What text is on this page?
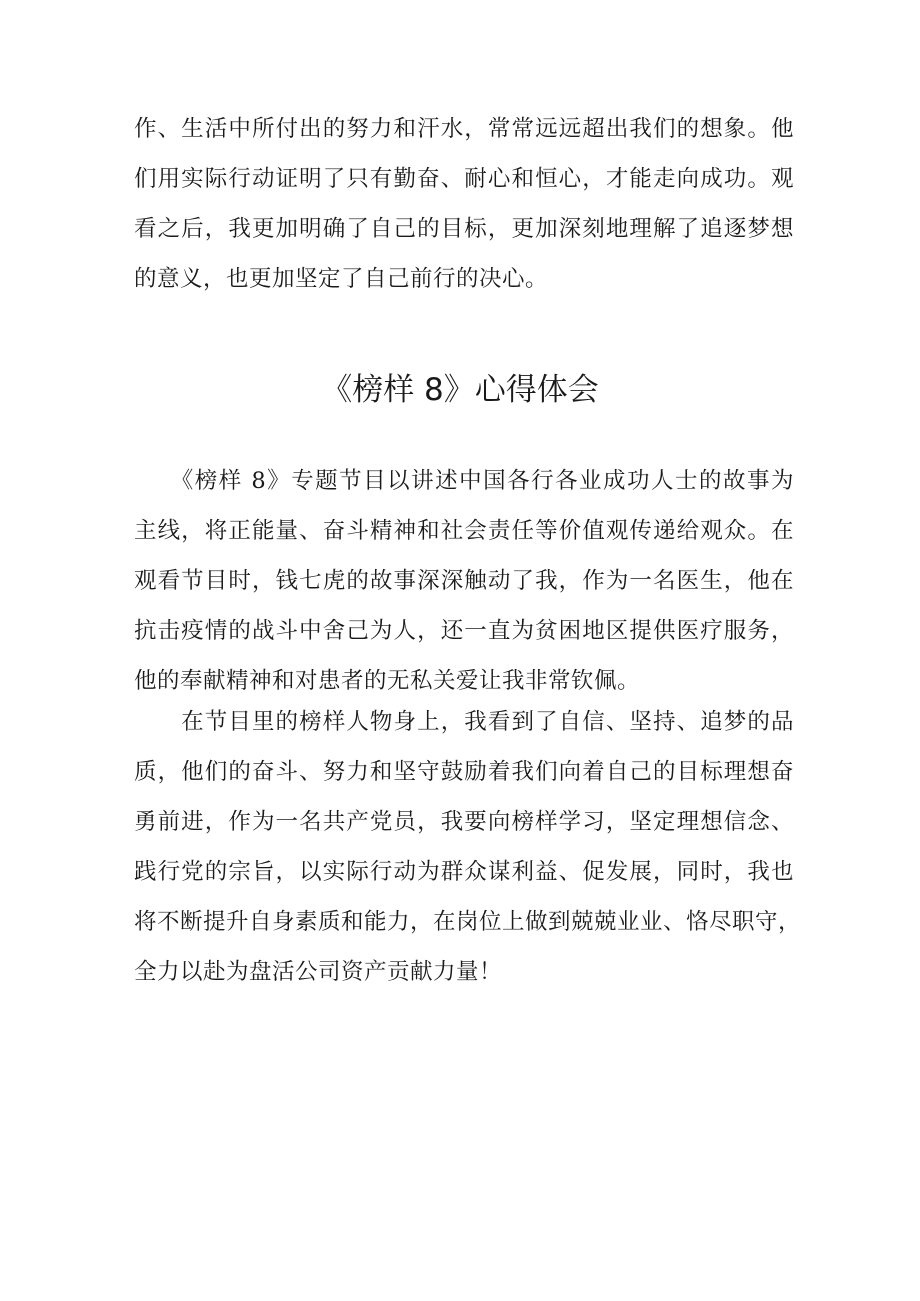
作、生活中所付出的努力和汗水，常常远远超出我们的想象。他
们用实际行动证明了只有勤奋、耐心和恒心，才能走向成功。观
看之后，我更加明确了自己的目标，更加深刻地理解了追逐梦想
的意义，也更加坚定了自己前行的决心。

《榜样 8》心得体会

　　《榜样 8》专题节目以讲述中国各行各业成功人士的故事为
主线，将正能量、奋斗精神和社会责任等价值观传递给观众。在
观看节目时，钱七虎的故事深深触动了我，作为一名医生，他在
抗击疫情的战斗中舍己为人，还一直为贫困地区提供医疗服务，
他的奉献精神和对患者的无私关爱让我非常钦佩。

　　在节目里的榜样人物身上，我看到了自信、坚持、追梦的品
质，他们的奋斗、努力和坚守鼓励着我们向着自己的目标理想奋
勇前进，作为一名共产党员，我要向榜样学习，坚定理想信念、
践行党的宗旨，以实际行动为群众谋利益、促发展，同时，我也
将不断提升自身素质和能力，在岗位上做到兢兢业业、恪尽职守，
全力以赴为盘活公司资产贡献力量！
